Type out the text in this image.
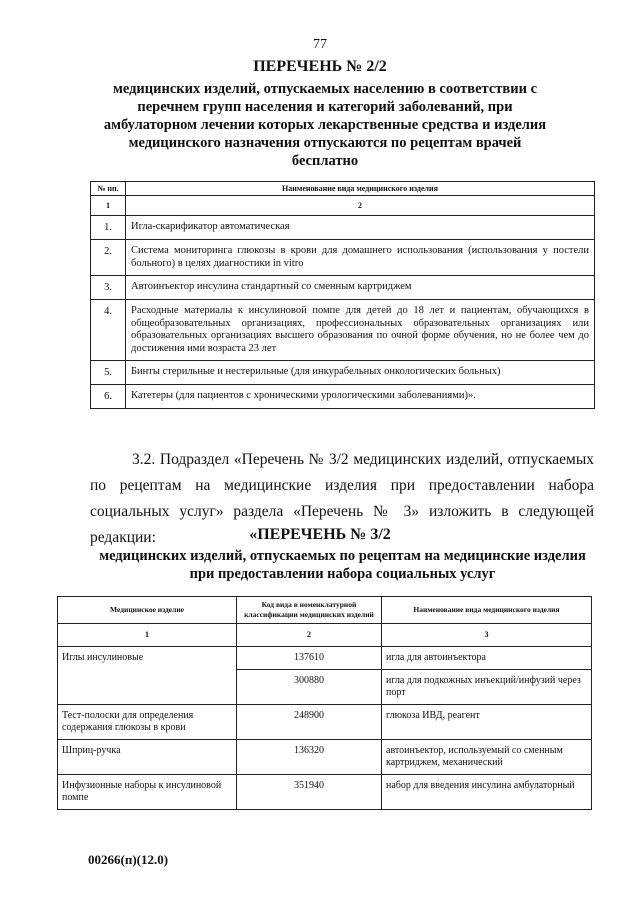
77
ПЕРЕЧЕНЬ № 2/2
медицинских изделий, отпускаемых населению в соответствии с перечнем групп населения и категорий заболеваний, при амбулаторном лечении которых лекарственные средства и изделия медицинского назначения отпускаются по рецептам врачей бесплатно
№ пп.	Наименование вида медицинского изделия
1	2
1.	Игла-скарификатор автоматическая
2.	Система мониторинга глюкозы в крови для домашнего использования (использования у постели больного) в целях диагностики in vitro
3.	Автоинъектор инсулина стандартный со сменным картриджем
4.	Расходные материалы к инсулиновой помпе для детей до 18 лет и пациентам, обучающихся в общеобразовательных организациях, профессиональных образовательных организациях или образовательных организациях высшего образования по очной форме обучения, но не более чем до достижения ими возраста 23 лет
5.	Бинты стерильные и нестерильные (для инкурабельных онкологических больных)
6.	Катетеры (для пациентов с хроническими урологическими заболеваниями)».
3.2. Подраздел «Перечень № 3/2 медицинских изделий, отпускаемых по рецептам на медицинские изделия при предоставлении набора социальных услуг» раздела «Перечень № 3» изложить в следующей редакции:	«ПЕРЕЧЕНЬ № 3/2
медицинских изделий, отпускаемых по рецептам на медицинские изделия при предоставлении набора социальных услуг
Медицинское изделие	Код вида в номенклатурной классификации медицинских изделий	Наименование вида медицинского изделия
1	2	3
Иглы инсулиновые	137610	игла для автоинъектора
	300880	игла для подкожных инъекций/инфузий через порт
Тест-полоски для определения содержания глюкозы в крови	248900	глюкоза ИВД, реагент
Шприц-ручка	136320	автоинъектор, используемый со сменным картриджем, механический
Инфузионные наборы к инсулиновой помпе	351940	набор для введения инсулина амбулаторный
00266(п)(12.0)
